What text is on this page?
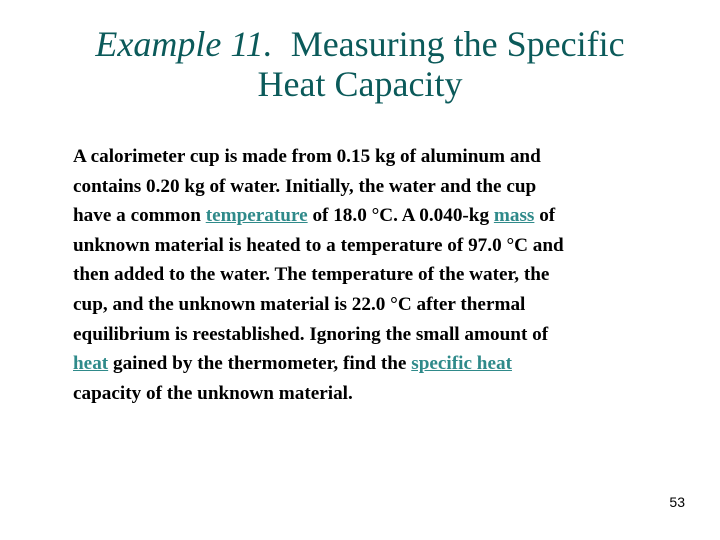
Example 11. Measuring the Specific
Heat Capacity
A calorimeter cup is made from 0.15 kg of aluminum and
contains 0.20 kg of water. Initially, the water and the cup
have a common temperature of 18.0 °C. A 0.040-kg mass of
unknown material is heated to a temperature of 97.0 °C and
then added to the water. The temperature of the water, the
cup, and the unknown material is 22.0 °C after thermal
equilibrium is reestablished. Ignoring the small amount of
heat gained by the thermometer, find the specific heat
capacity of the unknown material.
53
